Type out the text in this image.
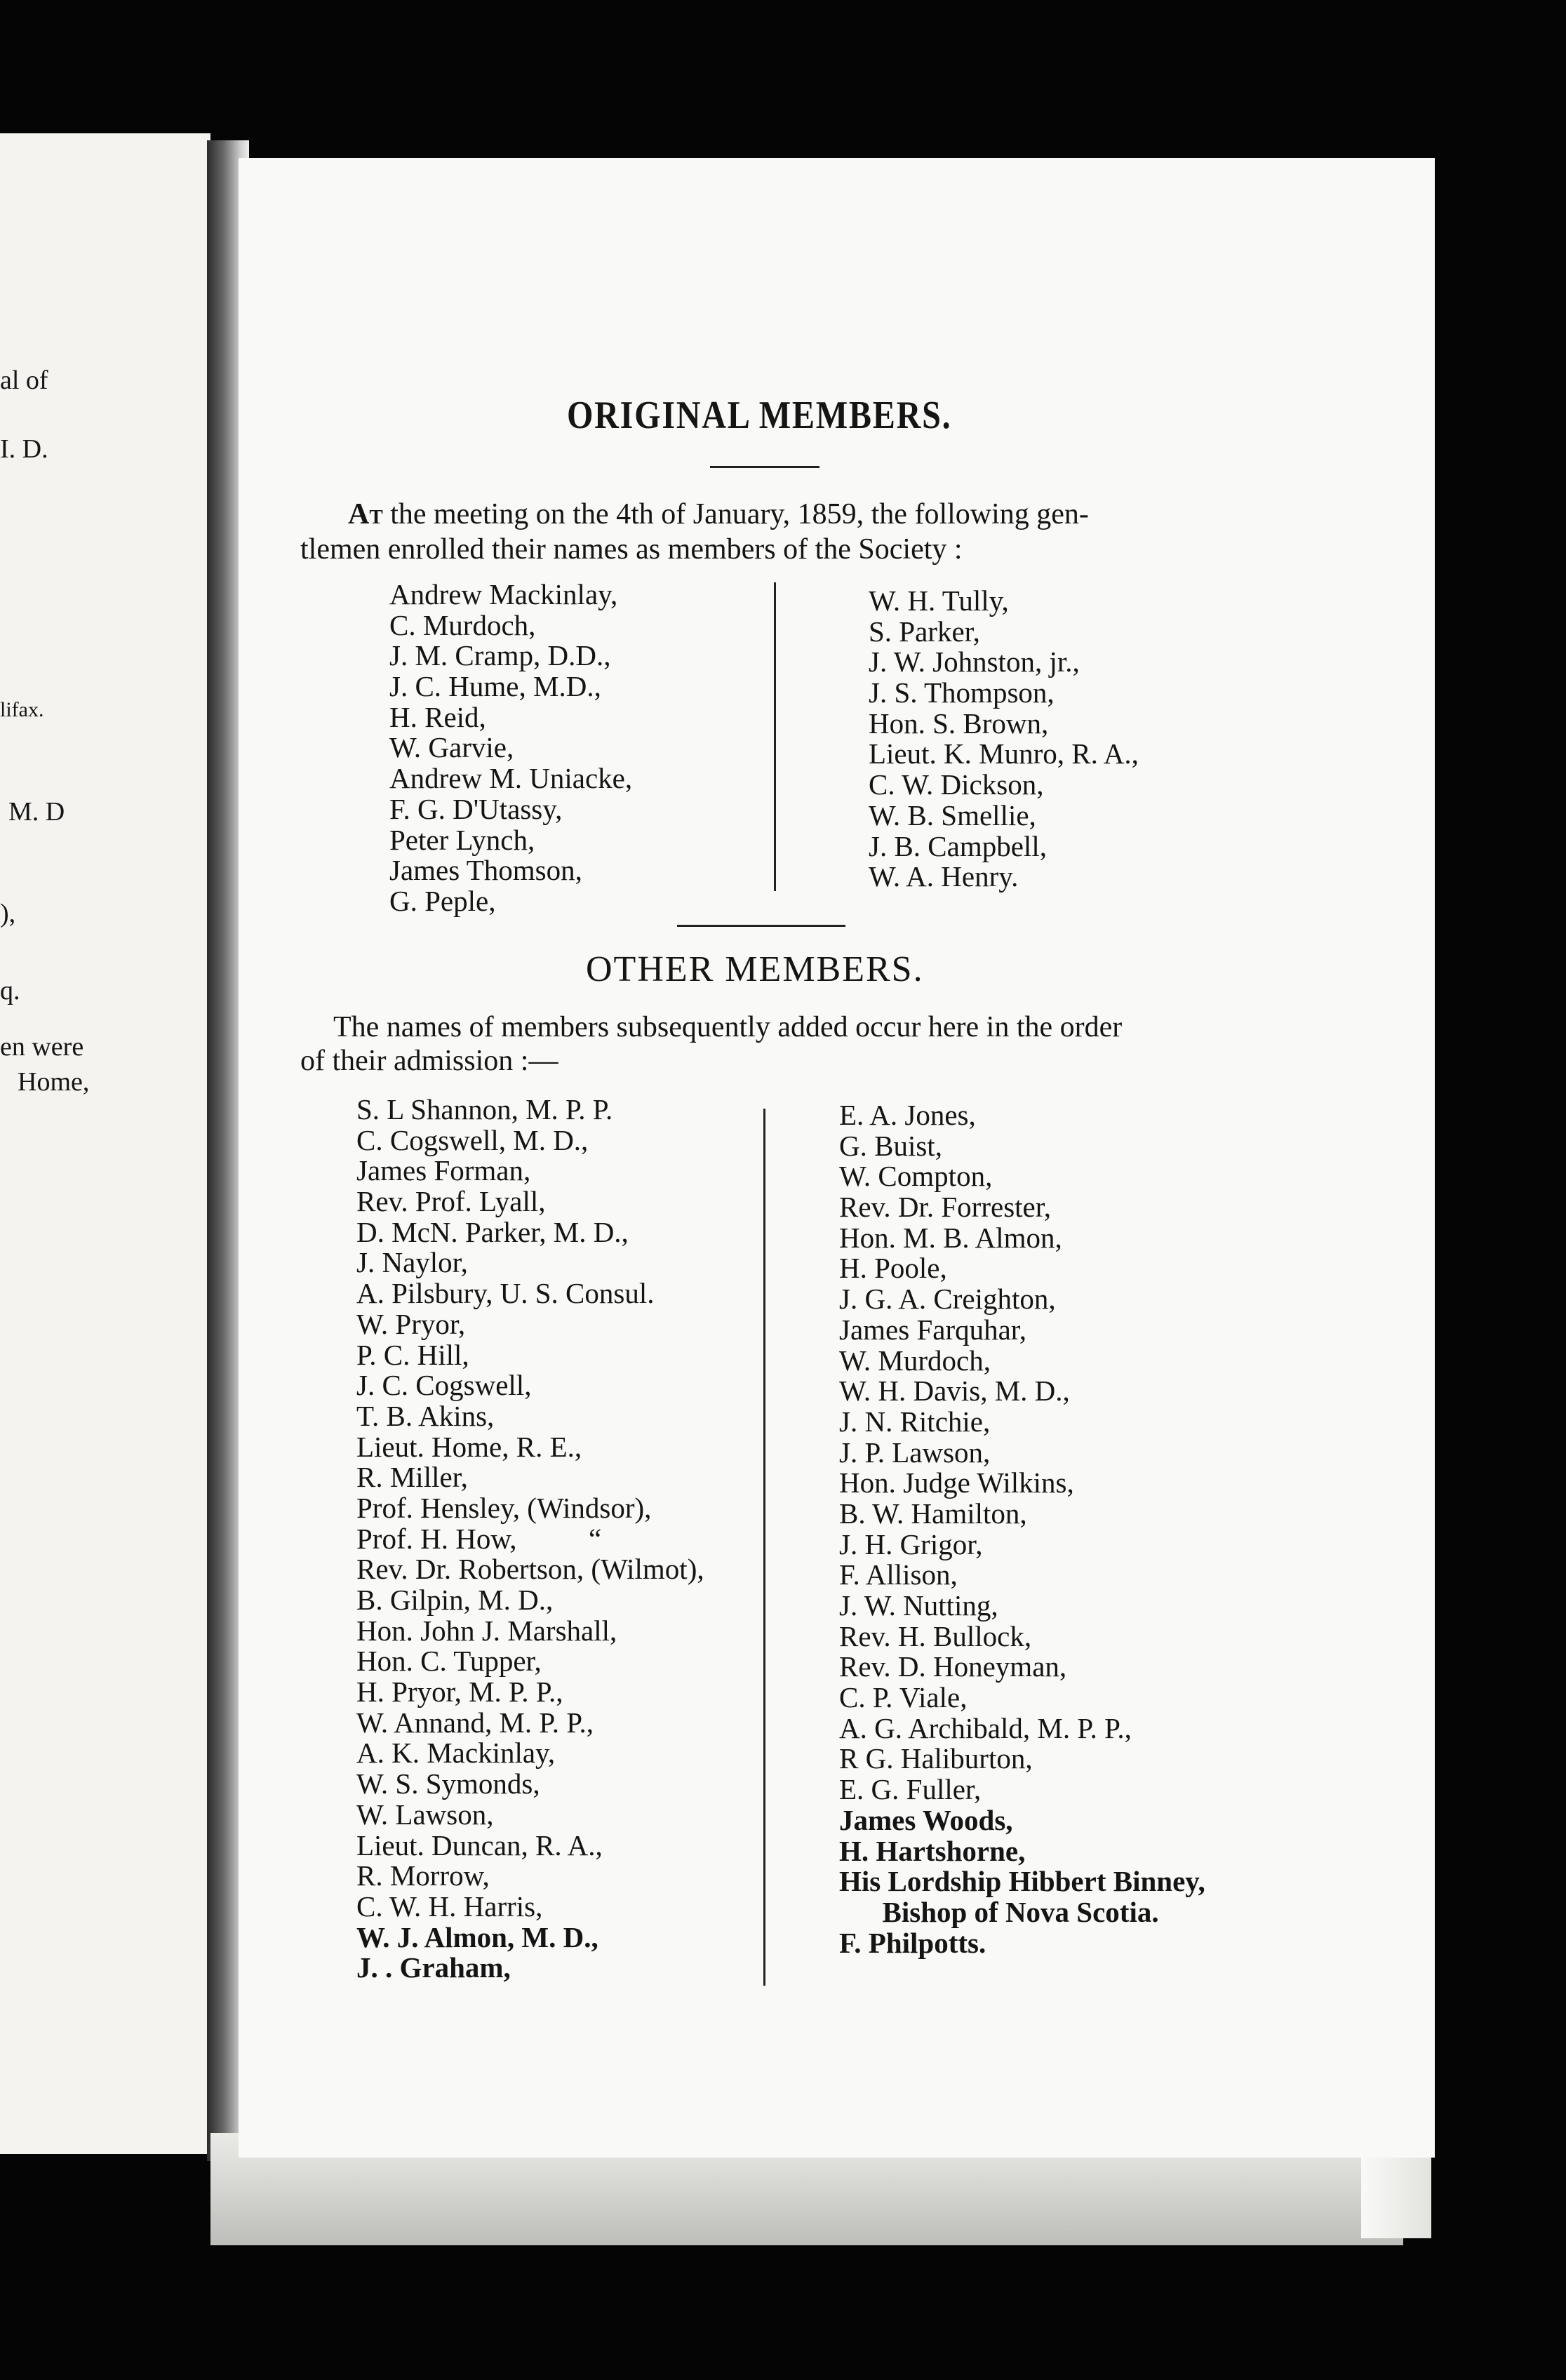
al of
I. D.
lifax.
M. D
),
q.
en were
Home,
ORIGINAL MEMBERS.
At the meeting on the 4th of January, 1859, the following gen-
tlemen enrolled their names as members of the Society :
Andrew Mackinlay,
C. Murdoch,
J. M. Cramp, D.D.,
J. C. Hume, M.D.,
H. Reid,
W. Garvie,
Andrew M. Uniacke,
F. G. D'Utassy,
Peter Lynch,
James Thomson,
G. Peple,
W. H. Tully,
S. Parker,
J. W. Johnston, jr.,
J. S. Thompson,
Hon. S. Brown,
Lieut. K. Munro, R. A.,
C. W. Dickson,
W. B. Smellie,
J. B. Campbell,
W. A. Henry.
OTHER MEMBERS.
The names of members subsequently added occur here in the order
of their admission :—
S. L Shannon, M. P. P.
C. Cogswell, M. D.,
James Forman,
Rev. Prof. Lyall,
D. McN. Parker, M. D.,
J. Naylor,
A. Pilsbury, U. S. Consul.
W. Pryor,
P. C. Hill,
J. C. Cogswell,
T. B. Akins,
Lieut. Home, R. E.,
R. Miller,
Prof. Hensley, (Windsor),
Prof. H. How,          “
Rev. Dr. Robertson, (Wilmot),
B. Gilpin, M. D.,
Hon. John J. Marshall,
Hon. C. Tupper,
H. Pryor, M. P. P.,
W. Annand, M. P. P.,
A. K. Mackinlay,
W. S. Symonds,
W. Lawson,
Lieut. Duncan, R. A.,
R. Morrow,
C. W. H. Harris,
W. J. Almon, M. D.,
J. . Graham,
E. A. Jones,
G. Buist,
W. Compton,
Rev. Dr. Forrester,
Hon. M. B. Almon,
H. Poole,
J. G. A. Creighton,
James Farquhar,
W. Murdoch,
W. H. Davis, M. D.,
J. N. Ritchie,
J. P. Lawson,
Hon. Judge Wilkins,
B. W. Hamilton,
J. H. Grigor,
F. Allison,
J. W. Nutting,
Rev. H. Bullock,
Rev. D. Honeyman,
C. P. Viale,
A. G. Archibald, M. P. P.,
R G. Haliburton,
E. G. Fuller,
James Woods,
H. Hartshorne,
His Lordship Hibbert Binney,
Bishop of Nova Scotia.
F. Philpotts.
